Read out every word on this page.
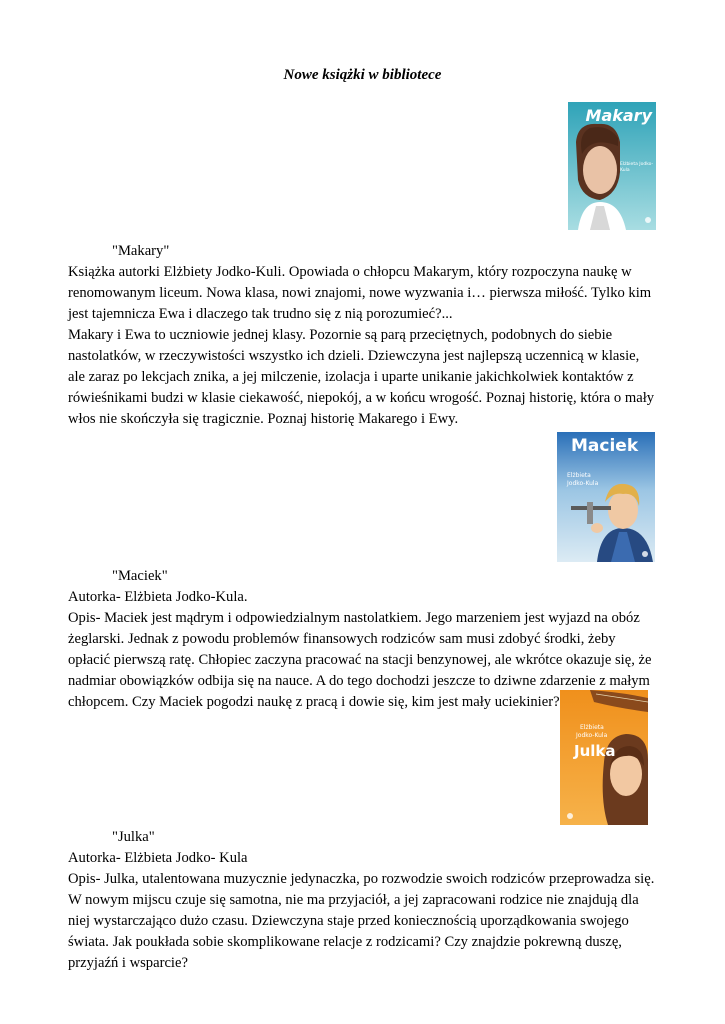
Nowe książki w bibliotece
Makary
Elżbieta Jodko-Kula

"Makary"

Książka autorki Elżbiety Jodko-Kuli. Opowiada o chłopcu Makarym, który rozpoczyna naukę w renomowanym liceum. Nowa klasa, nowi znajomi, nowe wyzwania i… pierwsza miłość. Tylko kim jest tajemnicza Ewa i dlaczego tak trudno się z nią porozumieć?...

Makary i Ewa to uczniowie jednej klasy. Pozornie są parą przeciętnych, podobnych do siebie nastolatków, w rzeczywistości wszystko ich dzieli. Dziewczyna jest najlepszą uczennicą w klasie, ale zaraz po lekcjach znika, a jej milczenie, izolacja i uparte unikanie jakichkolwiek kontaktów z rówieśnikami budzi w klasie ciekawość, niepokój, a w końcu wrogość. Poznaj historię, która o mały włos nie skończyła się tragicznie. Poznaj historię Makarego i Ewy.

Maciek
Elżbieta
Jodko-Kula

"Maciek"

Autorka- Elżbieta Jodko-Kula.

Opis- Maciek jest mądrym i odpowiedzialnym nastolatkiem. Jego marzeniem jest wyjazd na obóz żeglarski. Jednak z powodu problemów finansowych rodziców sam musi zdobyć środki, żeby opłacić pierwszą ratę. Chłopiec zaczyna pracować na stacji benzynowej, ale wkrótce okazuje się, że nadmiar obowiązków odbija się na nauce. A do tego dochodzi jeszcze to dziwne zdarzenie z małym chłopcem. Czy Maciek pogodzi naukę z pracą i dowie się, kim jest mały uciekinier?

Elżbieta
Jodko-Kula
Julka

"Julka"

Autorka- Elżbieta Jodko- Kula

Opis- Julka, utalentowana muzycznie jedynaczka, po rozwodzie swoich rodziców przeprowadza się. W nowym mijscu czuje się samotna, nie ma przyjaciół, a jej zapracowani rodzice nie znajdują dla niej wystarczająco dużo czasu. Dziewczyna staje przed koniecznością uporządkowania swojego świata. Jak poukłada sobie skomplikowane relacje z rodzicami? Czy znajdzie pokrewną duszę, przyjaźń i wsparcie?
